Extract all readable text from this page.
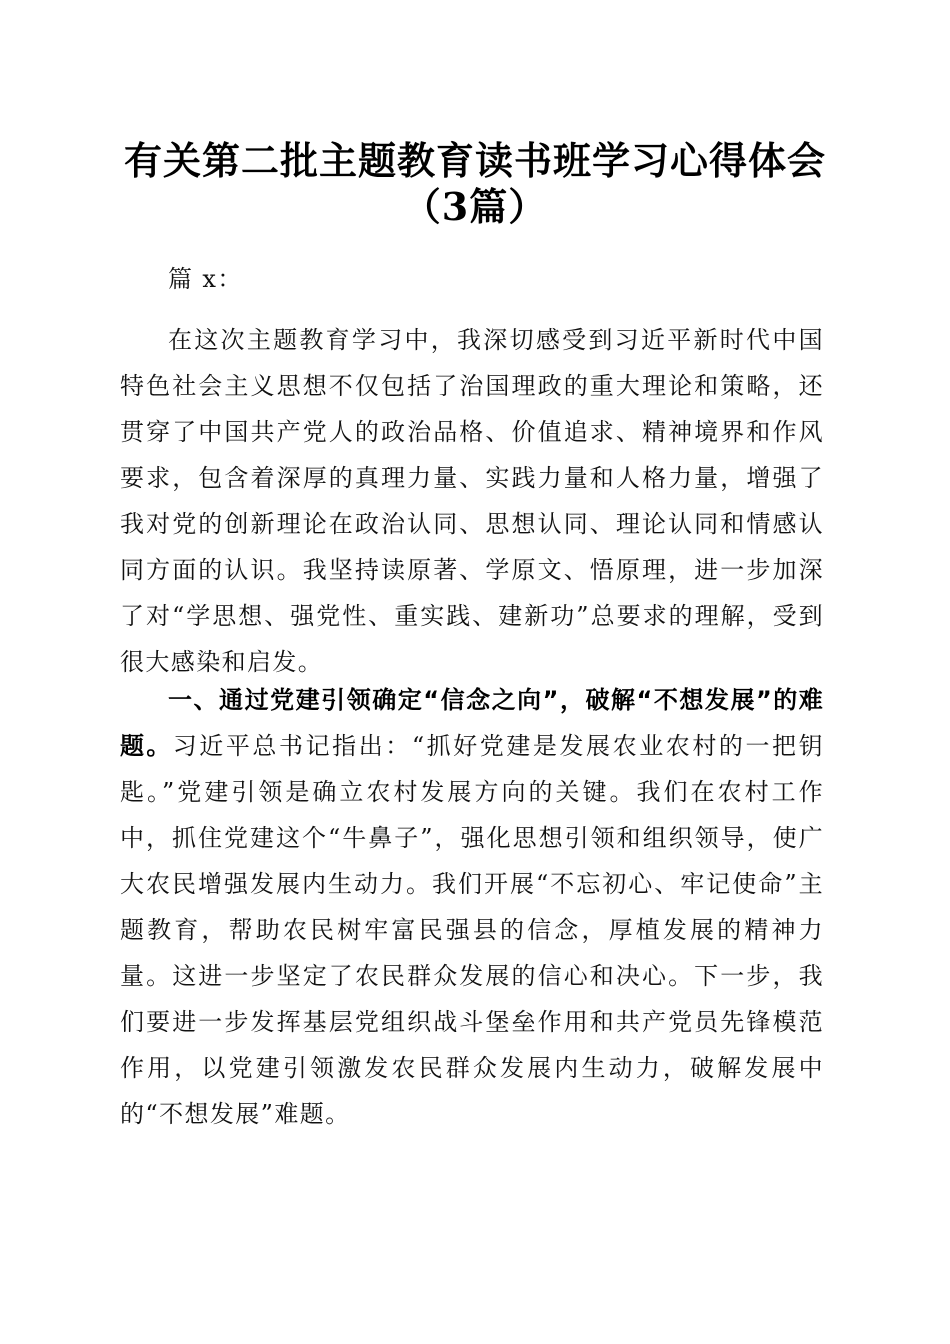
有关第二批主题教育读书班学习心得体会（3篇）

篇 x：

在这次主题教育学习中，我深切感受到习近平新时代中国特色社会主义思想不仅包括了治国理政的重大理论和策略，还贯穿了中国共产党人的政治品格、价值追求、精神境界和作风要求，包含着深厚的真理力量、实践力量和人格力量，增强了我对党的创新理论在政治认同、思想认同、理论认同和情感认同方面的认识。我坚持读原著、学原文、悟原理，进一步加深了对“学思想、强党性、重实践、建新功”总要求的理解，受到很大感染和启发。

一、通过党建引领确定“信念之向”，破解“不想发展”的难题。习近平总书记指出：“抓好党建是发展农业农村的一把钥匙。”党建引领是确立农村发展方向的关键。我们在农村工作中，抓住党建这个“牛鼻子”，强化思想引领和组织领导，使广大农民增强发展内生动力。我们开展“不忘初心、牢记使命”主题教育，帮助农民树牢富民强县的信念，厚植发展的精神力量。这进一步坚定了农民群众发展的信心和决心。下一步，我们要进一步发挥基层党组织战斗堡垒作用和共产党员先锋模范作用，以党建引领激发农民群众发展内生动力，破解发展中的“不想发展”难题。
